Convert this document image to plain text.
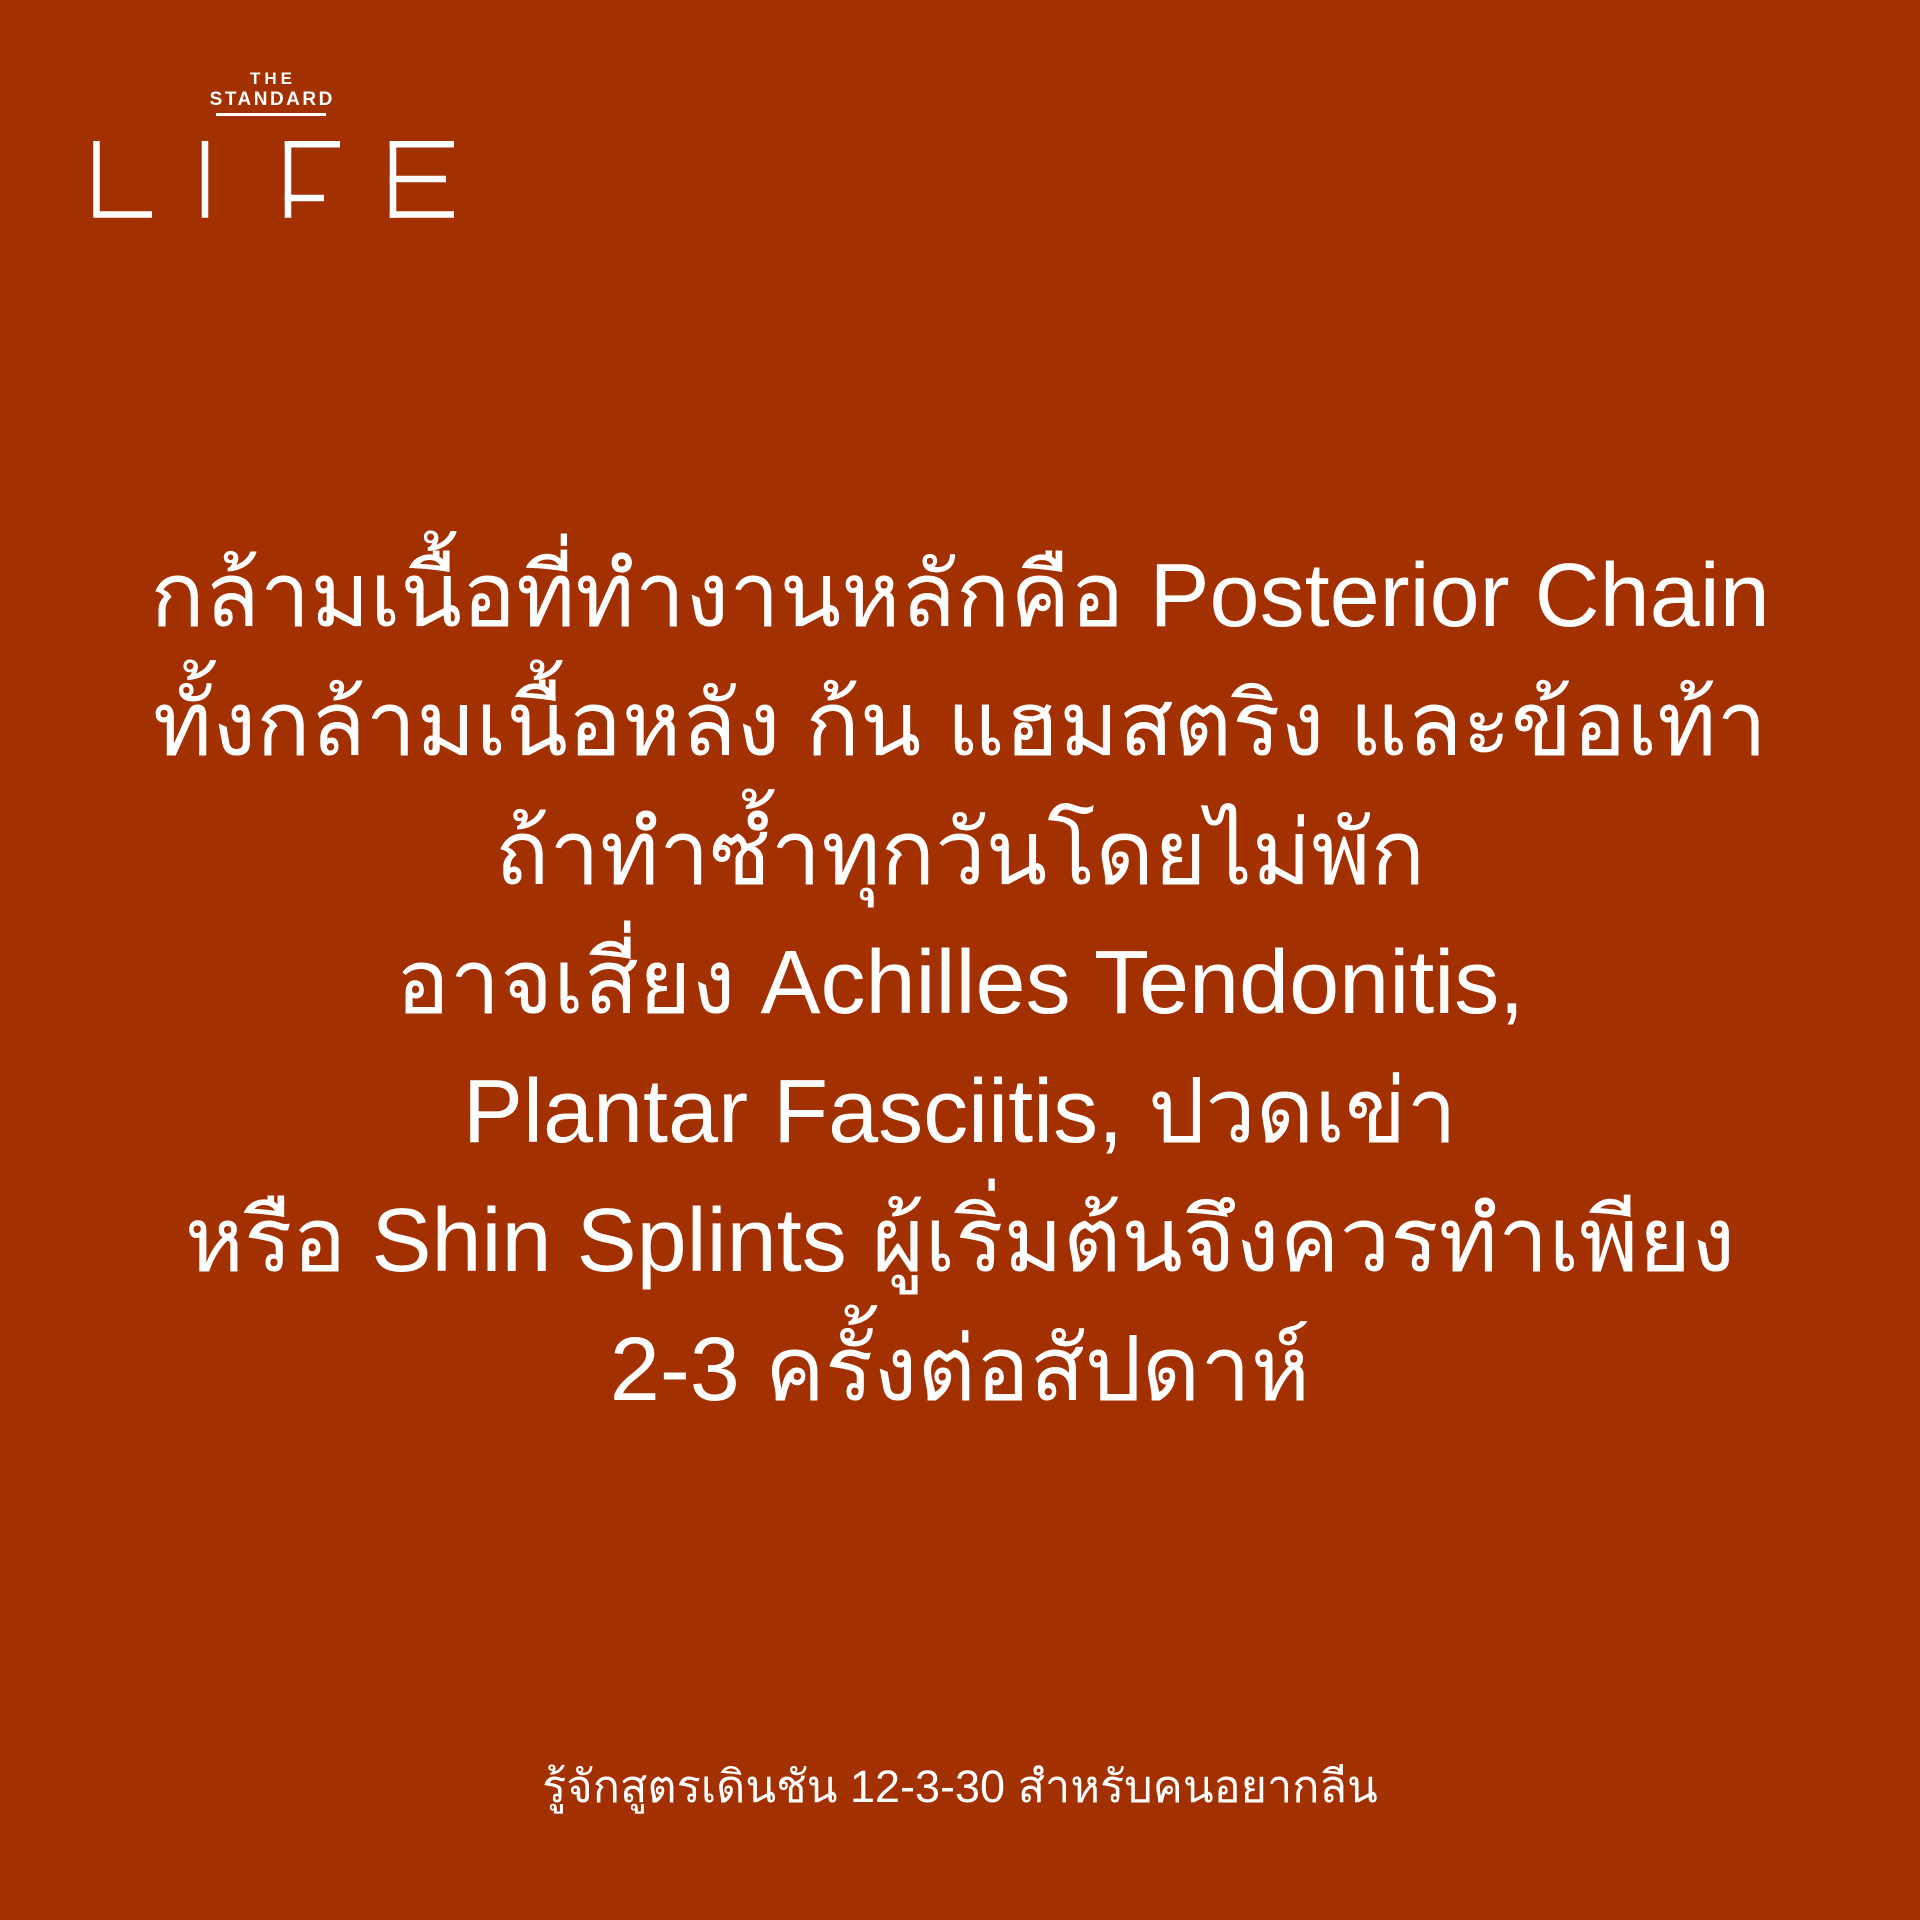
THE
STANDARD
กล้ามเนื้อที่ทำงานหลักคือ Posterior Chain
ทั้งกล้ามเนื้อหลัง ก้น แฮมสตริง และข้อเท้า
ถ้าทำซ้ำทุกวันโดยไม่พัก
อาจเสี่ยง Achilles Tendonitis,
Plantar Fasciitis, ปวดเข่า
หรือ Shin Splints ผู้เริ่มต้นจึงควรทำเพียง
2-3 ครั้งต่อสัปดาห์
รู้จักสูตรเดินชัน 12-3-30 สำหรับคนอยากลีน
